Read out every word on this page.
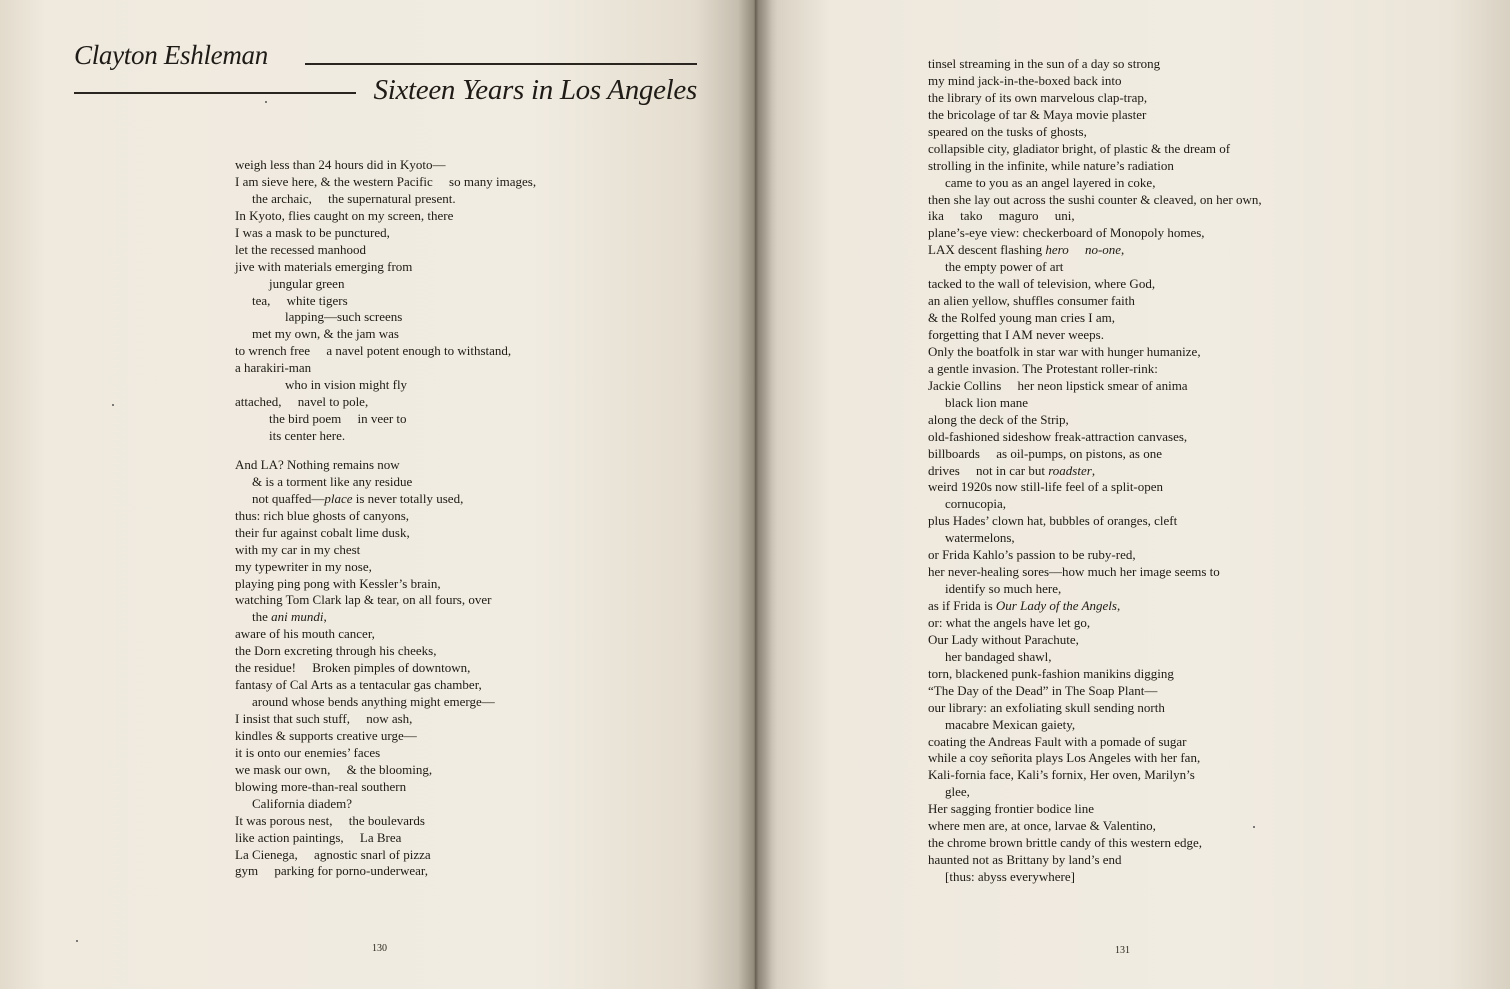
Clayton Eshleman
Sixteen Years in Los Angeles
weigh less than 24 hours did in Kyoto—
I am sieve here, & the western Pacific  so many images,
the archaic,  the supernatural present.
In Kyoto, flies caught on my screen, there
I was a mask to be punctured,
let the recessed manhood
jive with materials emerging from
jungular green
tea,  white tigers
lapping—such screens
met my own, & the jam was
to wrench free  a navel potent enough to withstand,
a harakiri-man
who in vision might fly
attached,  navel to pole,
the bird poem  in veer to
its center here.
And LA? Nothing remains now
& is a torment like any residue
not quaffed—place is never totally used,
thus: rich blue ghosts of canyons,
their fur against cobalt lime dusk,
with my car in my chest
my typewriter in my nose,
playing ping pong with Kessler’s brain,
watching Tom Clark lap & tear, on all fours, over
the ani mundi,
aware of his mouth cancer,
the Dorn excreting through his cheeks,
the residue!  Broken pimples of downtown,
fantasy of Cal Arts as a tentacular gas chamber,
around whose bends anything might emerge—
I insist that such stuff,  now ash,
kindles & supports creative urge—
it is onto our enemies’ faces
we mask our own,  & the blooming,
blowing more-than-real southern
California diadem?
It was porous nest,  the boulevards
like action paintings,  La Brea
La Cienega,  agnostic snarl of pizza
gym  parking for porno-underwear,
130
tinsel streaming in the sun of a day so strong
my mind jack-in-the-boxed back into
the library of its own marvelous clap-trap,
the bricolage of tar & Maya movie plaster
speared on the tusks of ghosts,
collapsible city, gladiator bright, of plastic & the dream of
strolling in the infinite, while nature’s radiation
came to you as an angel layered in coke,
then she lay out across the sushi counter & cleaved, on her own,
ika  tako  maguro  uni,
plane’s-eye view: checkerboard of Monopoly homes,
LAX descent flashing hero  no-one,
the empty power of art
tacked to the wall of television, where God,
an alien yellow, shuffles consumer faith
& the Rolfed young man cries I am,
forgetting that I AM never weeps.
Only the boatfolk in star war with hunger humanize,
a gentle invasion. The Protestant roller-rink:
Jackie Collins  her neon lipstick smear of anima
black lion mane
along the deck of the Strip,
old-fashioned sideshow freak-attraction canvases,
billboards  as oil-pumps, on pistons, as one
drives  not in car but roadster,
weird 1920s now still-life feel of a split-open
cornucopia,
plus Hades’ clown hat, bubbles of oranges, cleft
watermelons,
or Frida Kahlo’s passion to be ruby-red,
her never-healing sores—how much her image seems to
identify so much here,
as if Frida is Our Lady of the Angels,
or: what the angels have let go,
Our Lady without Parachute,
her bandaged shawl,
torn, blackened punk-fashion manikins digging
“The Day of the Dead” in The Soap Plant—
our library: an exfoliating skull sending north
macabre Mexican gaiety,
coating the Andreas Fault with a pomade of sugar
while a coy señorita plays Los Angeles with her fan,
Kali-fornia face, Kali’s fornix, Her oven, Marilyn’s
glee,
Her sagging frontier bodice line
where men are, at once, larvae & Valentino,
the chrome brown brittle candy of this western edge,
haunted not as Brittany by land’s end
[thus: abyss everywhere]
131
